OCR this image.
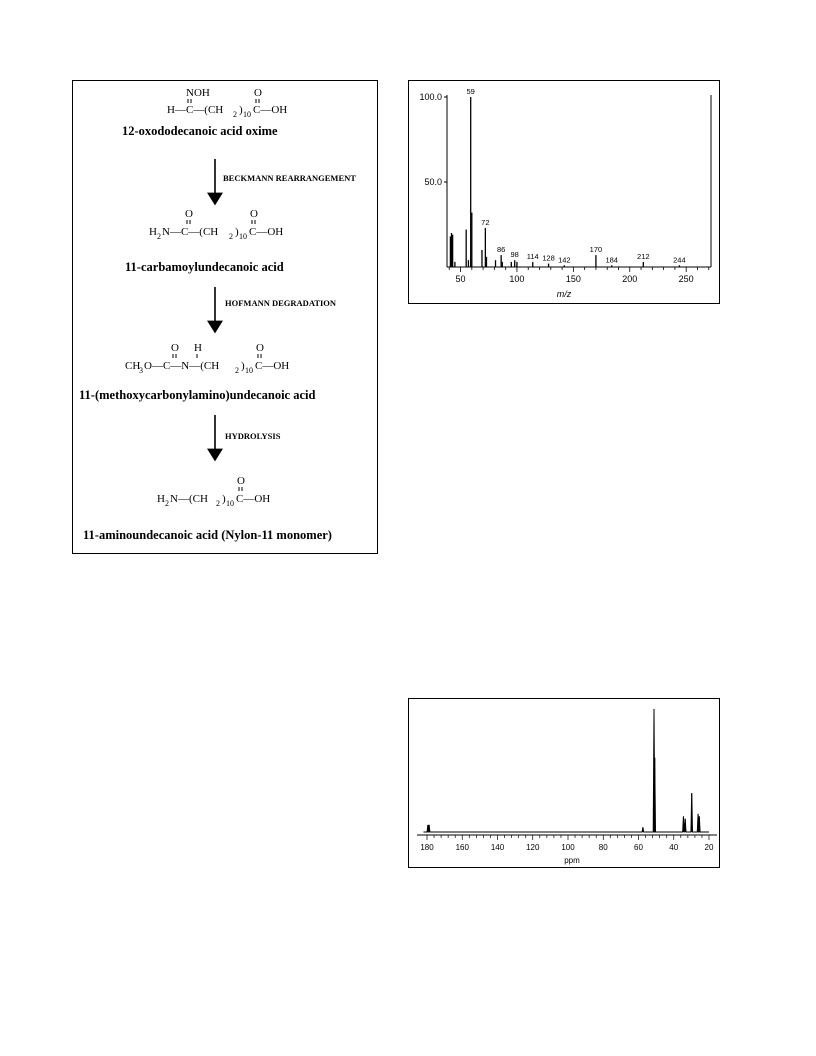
NOH
H—C—(CH 2 ) 10 C—OH
O
12-oxododecanoic acid oxime
BECKMANN REARRANGEMENT
O
H 2 N—C—(CH 2 ) 10 C—OH
O
11-carbamoylundecanoic acid
HOFMANN DEGRADATION
O H
CH
3 O—C—N—(CH 2 ) 10 C—OH
O
11-(methoxycarbonylamino)undecanoic acid
HYDROLYSIS
H 2 N—(CH 2 ) 10 C—OH
O
11-aminoundecanoic acid (Nylon-11 monomer)
100.0
50.0
50	100	150	200	250
59
72
86
98 114 128 142
170
184	212	244
m/z
180	160	140	120	100	80	60	40	20
ppm
